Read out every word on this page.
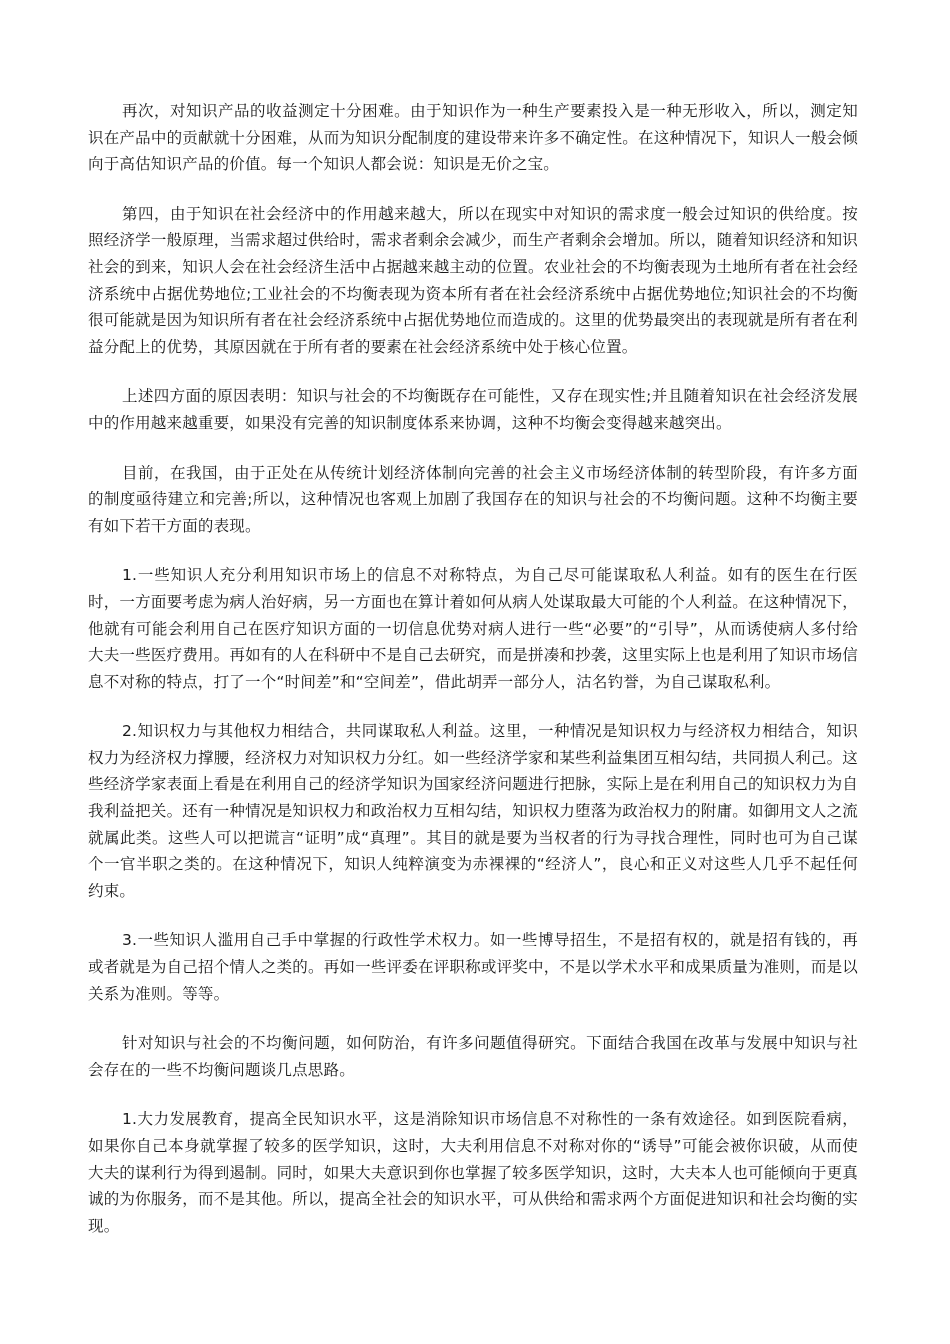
再次，对知识产品的收益测定十分困难。由于知识作为一种生产要素投入是一种无形收入，所以，测定知识在产品中的贡献就十分困难，从而为知识分配制度的建设带来许多不确定性。在这种情况下，知识人一般会倾向于高估知识产品的价值。每一个知识人都会说：知识是无价之宝。

第四，由于知识在社会经济中的作用越来越大，所以在现实中对知识的需求度一般会过知识的供给度。按照经济学一般原理，当需求超过供给时，需求者剩余会减少，而生产者剩余会增加。所以，随着知识经济和知识社会的到来，知识人会在社会经济生活中占据越来越主动的位置。农业社会的不均衡表现为土地所有者在社会经济系统中占据优势地位;工业社会的不均衡表现为资本所有者在社会经济系统中占据优势地位;知识社会的不均衡很可能就是因为知识所有者在社会经济系统中占据优势地位而造成的。这里的优势最突出的表现就是所有者在利益分配上的优势，其原因就在于所有者的要素在社会经济系统中处于核心位置。

上述四方面的原因表明：知识与社会的不均衡既存在可能性，又存在现实性;并且随着知识在社会经济发展中的作用越来越重要，如果没有完善的知识制度体系来协调，这种不均衡会变得越来越突出。

目前，在我国，由于正处在从传统计划经济体制向完善的社会主义市场经济体制的转型阶段，有许多方面的制度亟待建立和完善;所以，这种情况也客观上加剧了我国存在的知识与社会的不均衡问题。这种不均衡主要有如下若干方面的表现。

1.一些知识人充分利用知识市场上的信息不对称特点，为自己尽可能谋取私人利益。如有的医生在行医时，一方面要考虑为病人治好病，另一方面也在算计着如何从病人处谋取最大可能的个人利益。在这种情况下，他就有可能会利用自己在医疗知识方面的一切信息优势对病人进行一些“必要”的“引导”，从而诱使病人多付给大夫一些医疗费用。再如有的人在科研中不是自己去研究，而是拼凑和抄袭，这里实际上也是利用了知识市场信息不对称的特点，打了一个“时间差”和“空间差”，借此胡弄一部分人，沽名钓誉，为自己谋取私利。

2.知识权力与其他权力相结合，共同谋取私人利益。这里，一种情况是知识权力与经济权力相结合，知识权力为经济权力撑腰，经济权力对知识权力分红。如一些经济学家和某些利益集团互相勾结，共同损人利己。这些经济学家表面上看是在利用自己的经济学知识为国家经济问题进行把脉，实际上是在利用自己的知识权力为自我利益把关。还有一种情况是知识权力和政治权力互相勾结，知识权力堕落为政治权力的附庸。如御用文人之流就属此类。这些人可以把谎言“证明”成“真理”。其目的就是要为当权者的行为寻找合理性，同时也可为自己谋个一官半职之类的。在这种情况下，知识人纯粹演变为赤裸裸的“经济人”，良心和正义对这些人几乎不起任何约束。

3.一些知识人滥用自己手中掌握的行政性学术权力。如一些博导招生，不是招有权的，就是招有钱的，再或者就是为自己招个情人之类的。再如一些评委在评职称或评奖中，不是以学术水平和成果质量为准则，而是以关系为准则。等等。

针对知识与社会的不均衡问题，如何防治，有许多问题值得研究。下面结合我国在改革与发展中知识与社会存在的一些不均衡问题谈几点思路。

1.大力发展教育，提高全民知识水平，这是消除知识市场信息不对称性的一条有效途径。如到医院看病，如果你自己本身就掌握了较多的医学知识，这时，大夫利用信息不对称对你的“诱导”可能会被你识破，从而使大夫的谋利行为得到遏制。同时，如果大夫意识到你也掌握了较多医学知识，这时，大夫本人也可能倾向于更真诚的为你服务，而不是其他。所以，提高全社会的知识水平，可从供给和需求两个方面促进知识和社会均衡的实现。
